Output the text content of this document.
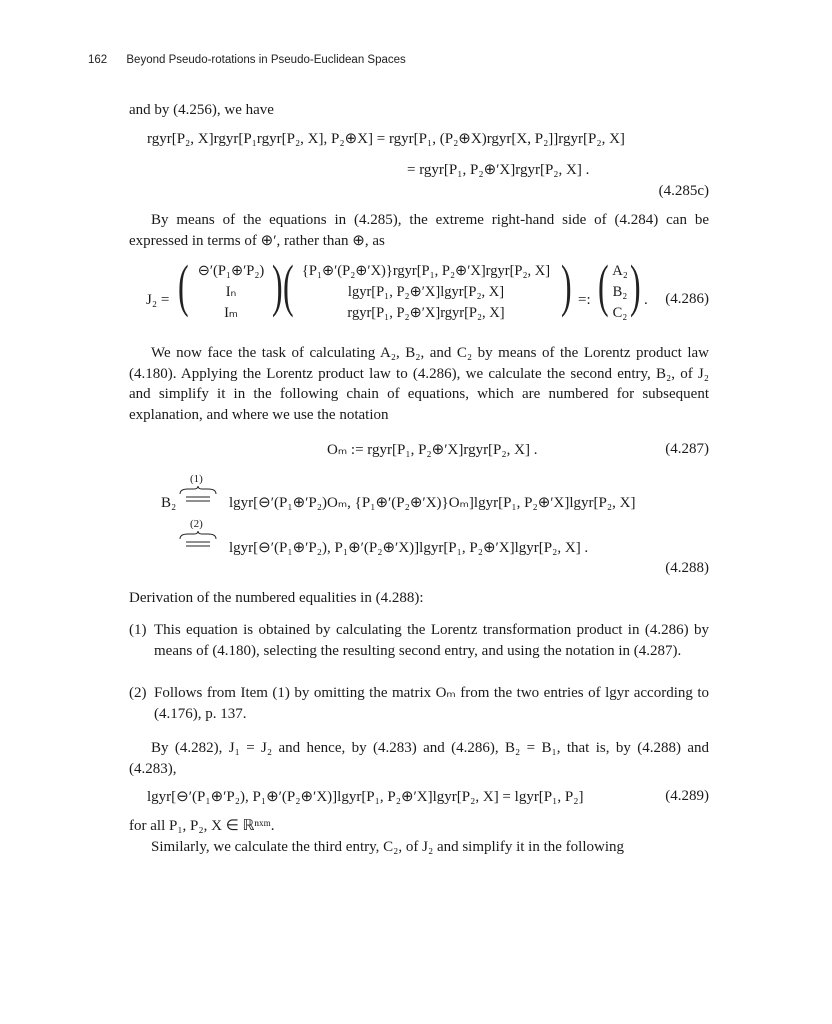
162 Beyond Pseudo-rotations in Pseudo-Euclidean Spaces
and by (4.256), we have
rgyr[P₂, X]rgyr[P₁rgyr[P₂, X], P₂⊕X] = rgyr[P₁, (P₂⊕X)rgyr[X, P₂]]rgyr[P₂, X]
= rgyr[P₁, P₂⊕′X]rgyr[P₂, X] .
(4.285c)
By means of the equations in (4.285), the extreme right-hand side of (4.284) can be expressed in terms of ⊕′, rather than ⊕, as
J₂ = ( ⊖′(P₁⊕′P₂)
Iₙ
Iₘ ) ( {P₁⊕′(P₂⊕′X)}rgyr[P₁, P₂⊕′X]rgyr[P₂, X]
lgyr[P₁, P₂⊕′X]lgyr[P₂, X]
rgyr[P₁, P₂⊕′X]rgyr[P₂, X] ) =: ( A₂
B₂
C₂ ) . (4.286)
We now face the task of calculating A₂, B₂, and C₂ by means of the Lorentz product law (4.180). Applying the Lorentz product law to (4.286), we calculate the second entry, B₂, of J₂ and simplify it in the following chain of equations, which are numbered for subsequent explanation, and where we use the notation
Oₘ := rgyr[P₁, P₂⊕′X]rgyr[P₂, X] .	(4.287)
B₂
(1)
lgyr[⊖′(P₁⊕′P₂)Oₘ, {P₁⊕′(P₂⊕′X)}Oₘ]lgyr[P₁, P₂⊕′X]lgyr[P₂, X]
(2)
lgyr[⊖′(P₁⊕′P₂), P₁⊕′(P₂⊕′X)]lgyr[P₁, P₂⊕′X]lgyr[P₂, X] .
(4.288)
Derivation of the numbered equalities in (4.288):
(1) This equation is obtained by calculating the Lorentz transformation product in (4.286) by means of (4.180), selecting the resulting second entry, and using the notation in (4.287).
(2) Follows from Item (1) by omitting the matrix Oₘ from the two entries of lgyr according to (4.176), p. 137.
By (4.282), J₁ = J₂ and hence, by (4.283) and (4.286), B₂ = B₁, that is, by (4.288) and (4.283),
lgyr[⊖′(P₁⊕′P₂), P₁⊕′(P₂⊕′X)]lgyr[P₁, P₂⊕′X]lgyr[P₂, X] = lgyr[P₁, P₂]	(4.289)
for all P₁, P₂, X ∈ ℝⁿˣᵐ.
Similarly, we calculate the third entry, C₂, of J₂ and simplify it in the following
